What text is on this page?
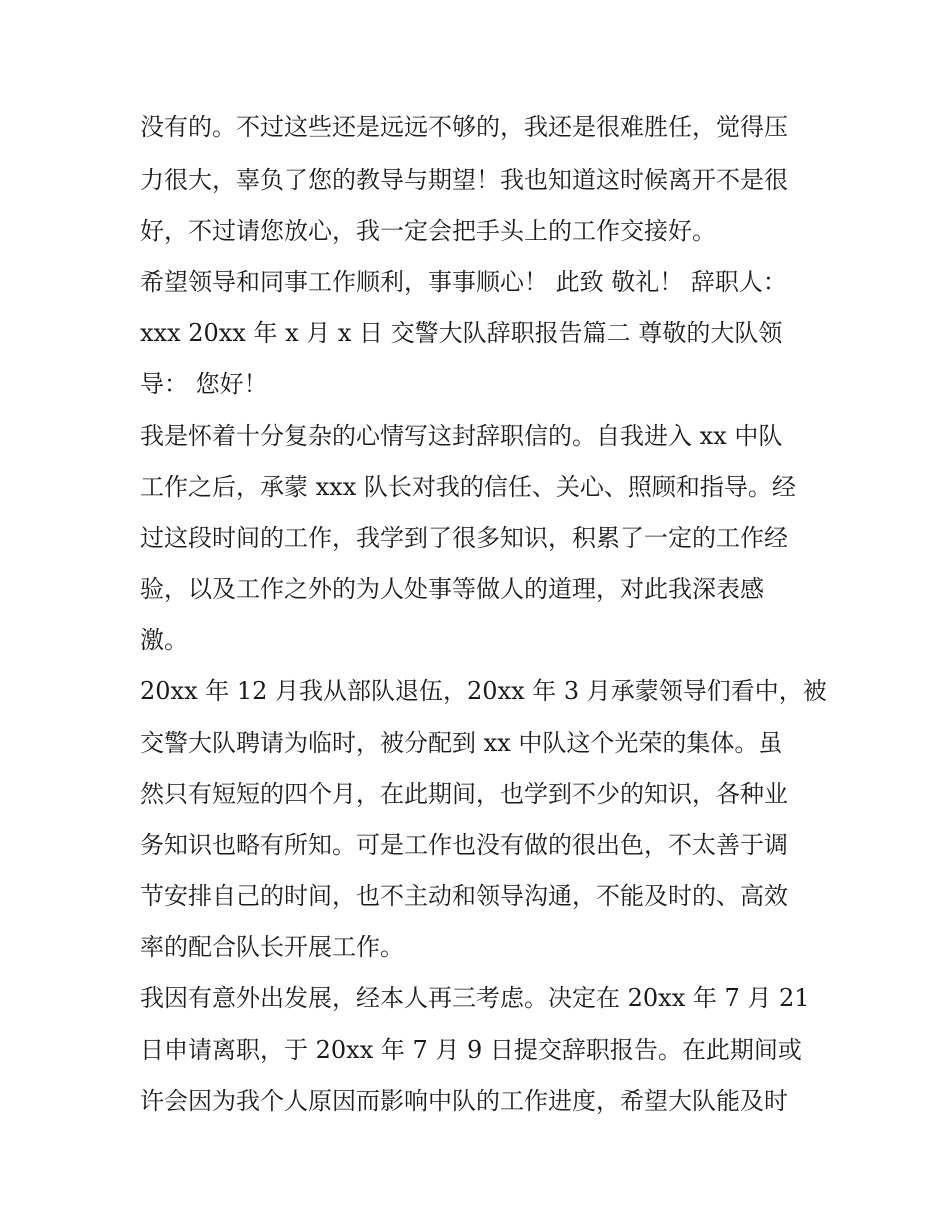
没有的。不过这些还是远远不够的，我还是很难胜任，觉得压
力很大，辜负了您的教导与期望！我也知道这时候离开不是很
好，不过请您放心，我一定会把手头上的工作交接好。
希望领导和同事工作顺利，事事顺心！ 此致 敬礼！ 辞职人：
xxx 20xx 年 x 月 x 日 交警大队辞职报告篇二 尊敬的大队领
导： 您好！
我是怀着十分复杂的心情写这封辞职信的。自我进入 xx 中队
工作之后，承蒙 xxx 队长对我的信任、关心、照顾和指导。经
过这段时间的工作，我学到了很多知识，积累了一定的工作经
验，以及工作之外的为人处事等做人的道理，对此我深表感
激。
20xx 年 12 月我从部队退伍，20xx 年 3 月承蒙领导们看中，被
交警大队聘请为临时，被分配到 xx 中队这个光荣的集体。虽
然只有短短的四个月，在此期间，也学到不少的知识，各种业
务知识也略有所知。可是工作也没有做的很出色，不太善于调
节安排自己的时间，也不主动和领导沟通，不能及时的、高效
率的配合队长开展工作。
我因有意外出发展，经本人再三考虑。决定在 20xx 年 7 月 21
日申请离职，于 20xx 年 7 月 9 日提交辞职报告。在此期间或
许会因为我个人原因而影响中队的工作进度，希望大队能及时
